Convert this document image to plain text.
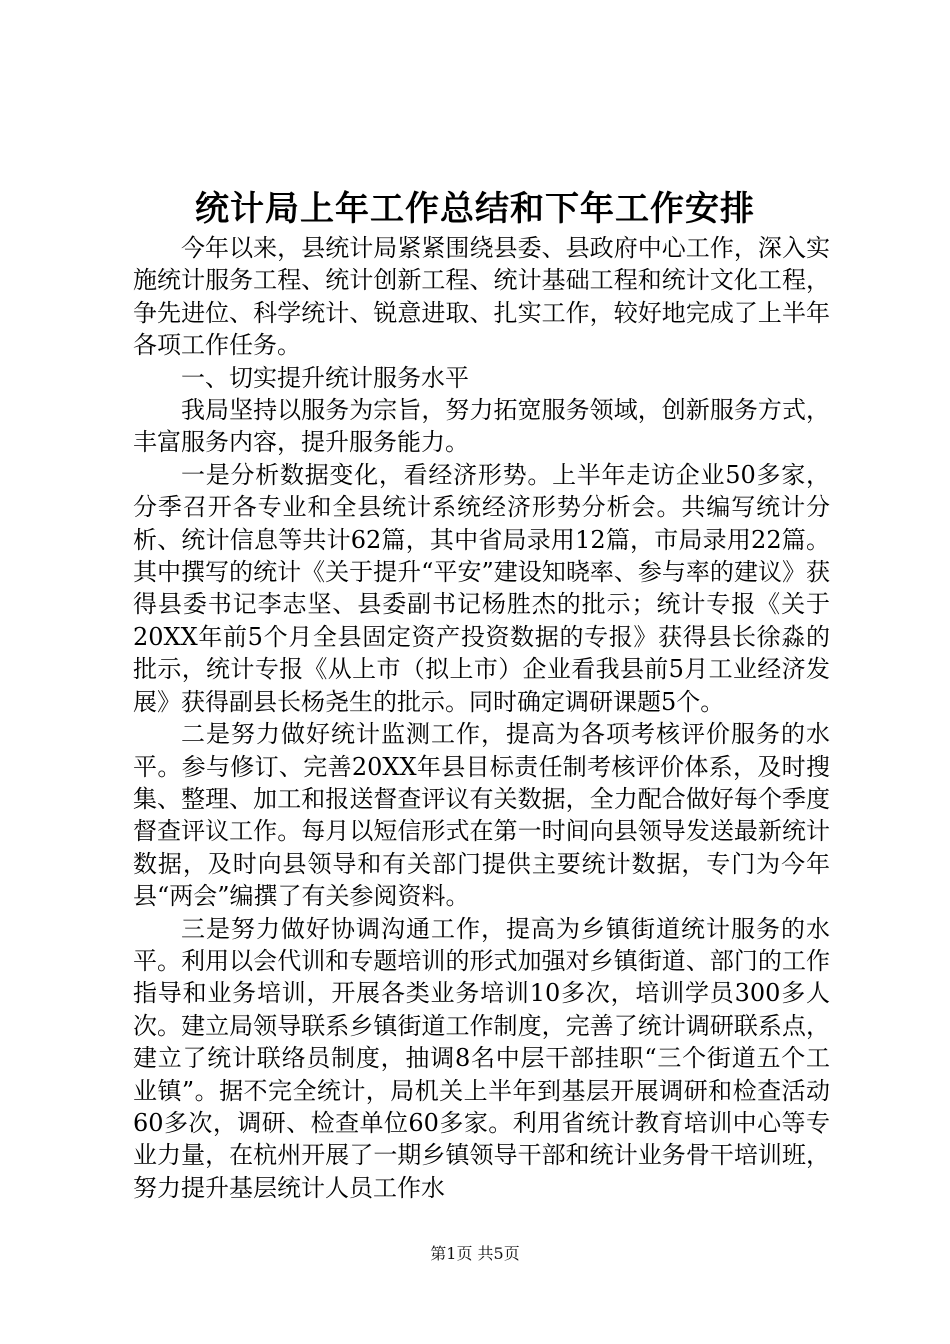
统计局上年工作总结和下年工作安排

今年以来，县统计局紧紧围绕县委、县政府中心工作，深入实施统计服务工程、统计创新工程、统计基础工程和统计文化工程，争先进位、科学统计、锐意进取、扎实工作，较好地完成了上半年各项工作任务。

一、切实提升统计服务水平

我局坚持以服务为宗旨，努力拓宽服务领域，创新服务方式，丰富服务内容，提升服务能力。

一是分析数据变化，看经济形势。上半年走访企业50多家，分季召开各专业和全县统计系统经济形势分析会。共编写统计分析、统计信息等共计62篇，其中省局录用12篇，市局录用22篇。其中撰写的统计《关于提升“平安”建设知晓率、参与率的建议》获得县委书记李志坚、县委副书记杨胜杰的批示；统计专报《关于20XX年前5个月全县固定资产投资数据的专报》获得县长徐淼的批示，统计专报《从上市（拟上市）企业看我县前5月工业经济发展》获得副县长杨尧生的批示。同时确定调研课题5个。

二是努力做好统计监测工作，提高为各项考核评价服务的水平。参与修订、完善20XX年县目标责任制考核评价体系，及时搜集、整理、加工和报送督查评议有关数据，全力配合做好每个季度督查评议工作。每月以短信形式在第一时间向县领导发送最新统计数据，及时向县领导和有关部门提供主要统计数据，专门为今年县“两会”编撰了有关参阅资料。

三是努力做好协调沟通工作，提高为乡镇街道统计服务的水平。利用以会代训和专题培训的形式加强对乡镇街道、部门的工作指导和业务培训，开展各类业务培训10多次，培训学员300多人次。建立局领导联系乡镇街道工作制度，完善了统计调研联系点，建立了统计联络员制度，抽调8名中层干部挂职“三个街道五个工业镇”。据不完全统计，局机关上半年到基层开展调研和检查活动60多次，调研、检查单位60多家。利用省统计教育培训中心等专业力量，在杭州开展了一期乡镇领导干部和统计业务骨干培训班，努力提升基层统计人员工作水

第1页 共5页
